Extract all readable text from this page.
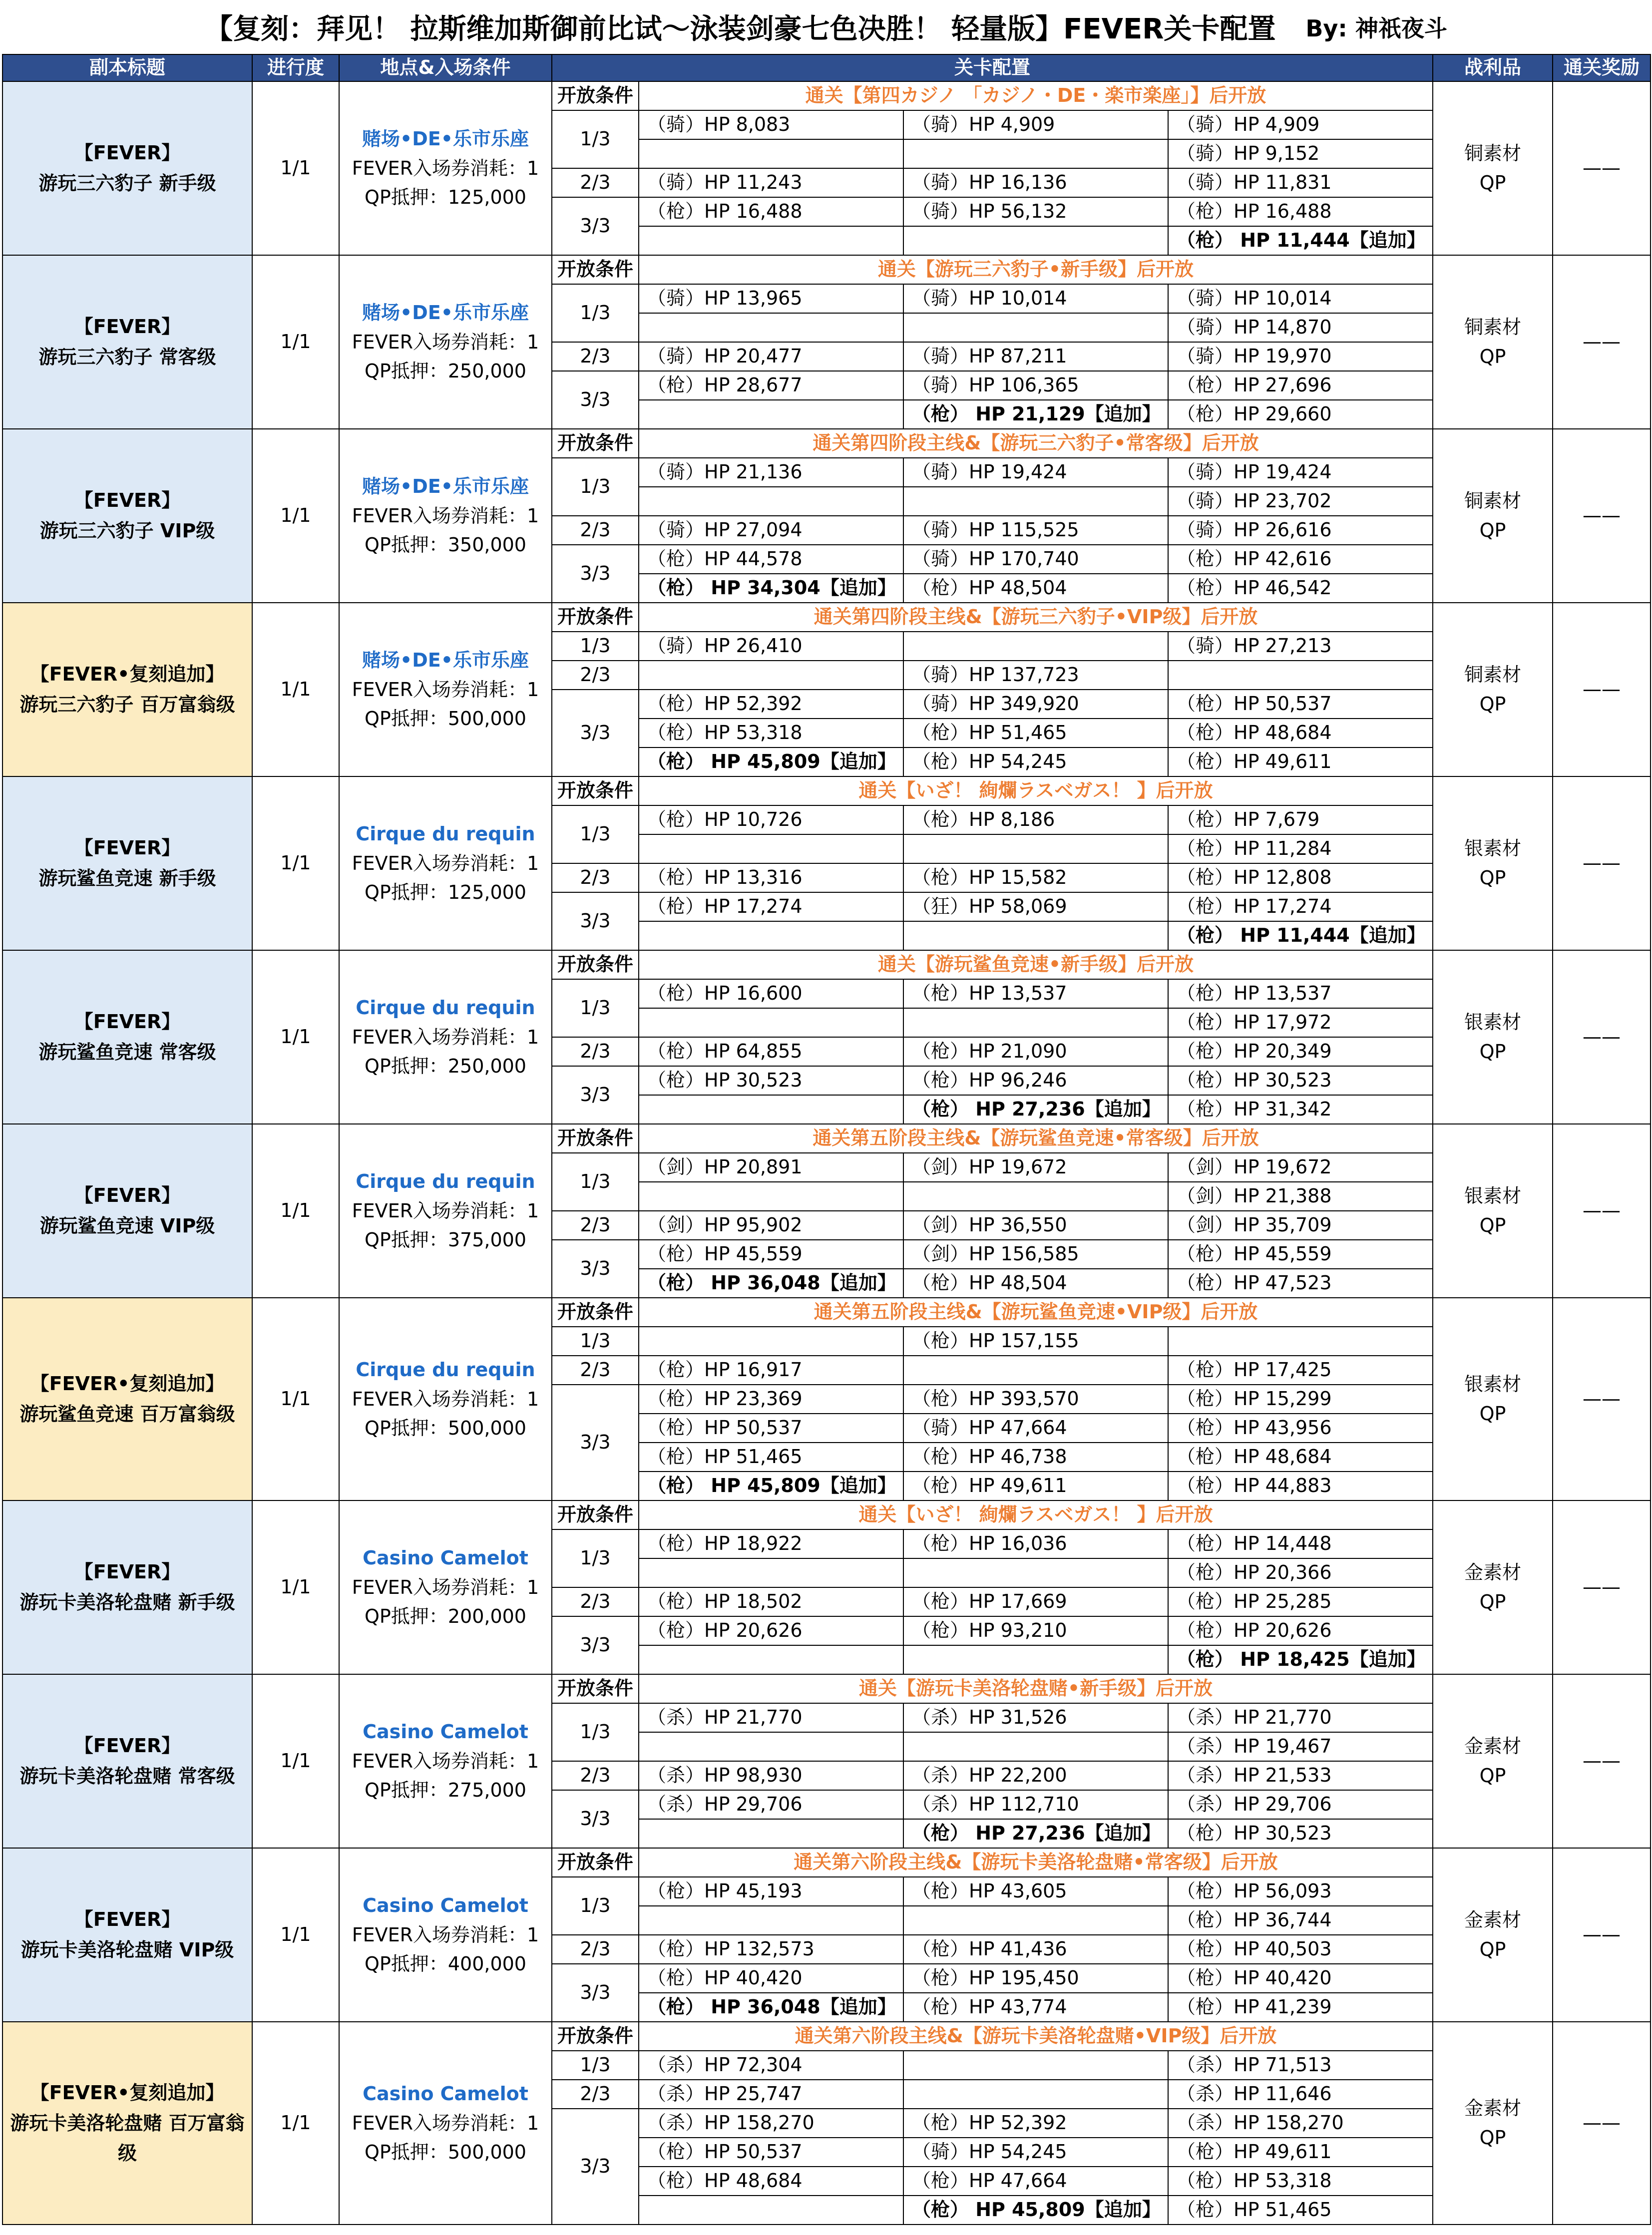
【复刻：拜见！ 拉斯维加斯御前比试～泳装剑豪七色决胜！ 轻量版】FEVER关卡配置 By: 神祇夜斗
副本标题	进行度	地点&入场条件	关卡配置				战利品	通关奖励
【FEVER】
游玩三六豹子 新手级	1/1	赌场•DE•乐市乐座
FEVER入场券消耗：1
QP抵押：125,000	开放条件	通关【第四カジノ 「カジノ・DE・楽市楽座」】后开放			铜素材
QP	——
			1/3	（骑）HP 8,083	（骑）HP 4,909	（骑）HP 4,909		
						（骑）HP 9,152		
			2/3	（骑）HP 11,243	（骑）HP 16,136	（骑）HP 11,831		
			3/3	（枪）HP 16,488	（骑）HP 56,132	（枪）HP 16,488		
						（枪） HP 11,444【追加】		
【FEVER】
游玩三六豹子 常客级	1/1	赌场•DE•乐市乐座
FEVER入场券消耗：1
QP抵押：250,000	开放条件	通关【游玩三六豹子•新手级】后开放			铜素材
QP	——
			1/3	（骑）HP 13,965	（骑）HP 10,014	（骑）HP 10,014		
						（骑）HP 14,870		
			2/3	（骑）HP 20,477	（骑）HP 87,211	（骑）HP 19,970		
			3/3	（枪）HP 28,677	（骑）HP 106,365	（枪）HP 27,696		
					（枪） HP 21,129【追加】	（枪）HP 29,660		
【FEVER】
游玩三六豹子 VIP级	1/1	赌场•DE•乐市乐座
FEVER入场券消耗：1
QP抵押：350,000	开放条件	通关第四阶段主线&【游玩三六豹子•常客级】后开放			铜素材
QP	——
			1/3	（骑）HP 21,136	（骑）HP 19,424	（骑）HP 19,424		
						（骑）HP 23,702		
			2/3	（骑）HP 27,094	（骑）HP 115,525	（骑）HP 26,616		
			3/3	（枪）HP 44,578	（骑）HP 170,740	（枪）HP 42,616		
				（枪） HP 34,304【追加】	（枪）HP 48,504	（枪）HP 46,542		
【FEVER•复刻追加】
游玩三六豹子 百万富翁级	1/1	赌场•DE•乐市乐座
FEVER入场券消耗：1
QP抵押：500,000	开放条件	通关第四阶段主线&【游玩三六豹子•VIP级】后开放			铜素材
QP	——
			1/3	（骑）HP 26,410		（骑）HP 27,213		
			2/3		（骑）HP 137,723			
			3/3	（枪）HP 52,392	（骑）HP 349,920	（枪）HP 50,537		
				（枪）HP 53,318	（枪）HP 51,465	（枪）HP 48,684		
				（枪） HP 45,809【追加】	（枪）HP 54,245	（枪）HP 49,611		
【FEVER】
游玩鲨鱼竞速 新手级	1/1	Cirque du requin
FEVER入场券消耗：1
QP抵押：125,000	开放条件	通关【いざ！ 絢爛ラスベガス！ 】后开放			银素材
QP	——
			1/3	（枪）HP 10,726	（枪）HP 8,186	（枪）HP 7,679		
						（枪）HP 11,284		
			2/3	（枪）HP 13,316	（枪）HP 15,582	（枪）HP 12,808		
			3/3	（枪）HP 17,274	（狂）HP 58,069	（枪）HP 17,274		
						（枪） HP 11,444【追加】		
【FEVER】
游玩鲨鱼竞速 常客级	1/1	Cirque du requin
FEVER入场券消耗：1
QP抵押：250,000	开放条件	通关【游玩鲨鱼竞速•新手级】后开放			银素材
QP	——
			1/3	（枪）HP 16,600	（枪）HP 13,537	（枪）HP 13,537		
						（枪）HP 17,972		
			2/3	（枪）HP 64,855	（枪）HP 21,090	（枪）HP 20,349		
			3/3	（枪）HP 30,523	（枪）HP 96,246	（枪）HP 30,523		
					（枪） HP 27,236【追加】	（枪）HP 31,342		
【FEVER】
游玩鲨鱼竞速 VIP级	1/1	Cirque du requin
FEVER入场券消耗：1
QP抵押：375,000	开放条件	通关第五阶段主线&【游玩鲨鱼竞速•常客级】后开放			银素材
QP	——
			1/3	（剑）HP 20,891	（剑）HP 19,672	（剑）HP 19,672		
						（剑）HP 21,388		
			2/3	（剑）HP 95,902	（剑）HP 36,550	（剑）HP 35,709		
			3/3	（枪）HP 45,559	（剑）HP 156,585	（枪）HP 45,559		
				（枪） HP 36,048【追加】	（枪）HP 48,504	（枪）HP 47,523		
【FEVER•复刻追加】
游玩鲨鱼竞速 百万富翁级	1/1	Cirque du requin
FEVER入场券消耗：1
QP抵押：500,000	开放条件	通关第五阶段主线&【游玩鲨鱼竞速•VIP级】后开放			银素材
QP	——
			1/3		（枪）HP 157,155			
			2/3	（枪）HP 16,917		（枪）HP 17,425		
			3/3	（枪）HP 23,369	（枪）HP 393,570	（枪）HP 15,299		
				（枪）HP 50,537	（骑）HP 47,664	（枪）HP 43,956		
				（枪）HP 51,465	（枪）HP 46,738	（枪）HP 48,684		
				（枪） HP 45,809【追加】	（枪）HP 49,611	（枪）HP 44,883		
【FEVER】
游玩卡美洛轮盘赌 新手级	1/1	Casino Camelot
FEVER入场券消耗：1
QP抵押：200,000	开放条件	通关【いざ！ 絢爛ラスベガス！ 】后开放			金素材
QP	——
			1/3	（枪）HP 18,922	（枪）HP 16,036	（枪）HP 14,448		
						（枪）HP 20,366		
			2/3	（枪）HP 18,502	（枪）HP 17,669	（枪）HP 25,285		
			3/3	（枪）HP 20,626	（枪）HP 93,210	（枪）HP 20,626		
						（枪） HP 18,425【追加】		
【FEVER】
游玩卡美洛轮盘赌 常客级	1/1	Casino Camelot
FEVER入场券消耗：1
QP抵押：275,000	开放条件	通关【游玩卡美洛轮盘赌•新手级】后开放			金素材
QP	——
			1/3	（杀）HP 21,770	（杀）HP 31,526	（杀）HP 21,770		
						（杀）HP 19,467		
			2/3	（杀）HP 98,930	（杀）HP 22,200	（杀）HP 21,533		
			3/3	（杀）HP 29,706	（杀）HP 112,710	（杀）HP 29,706		
					（枪） HP 27,236【追加】	（枪）HP 30,523		
【FEVER】
游玩卡美洛轮盘赌 VIP级	1/1	Casino Camelot
FEVER入场券消耗：1
QP抵押：400,000	开放条件	通关第六阶段主线&【游玩卡美洛轮盘赌•常客级】后开放			金素材
QP	——
			1/3	（枪）HP 45,193	（枪）HP 43,605	（枪）HP 56,093		
						（枪）HP 36,744		
			2/3	（枪）HP 132,573	（枪）HP 41,436	（枪）HP 40,503		
			3/3	（枪）HP 40,420	（枪）HP 195,450	（枪）HP 40,420		
				（枪） HP 36,048【追加】	（枪）HP 43,774	（枪）HP 41,239		
【FEVER•复刻追加】
游玩卡美洛轮盘赌 百万富翁级	1/1	Casino Camelot
FEVER入场券消耗：1
QP抵押：500,000	开放条件	通关第六阶段主线&【游玩卡美洛轮盘赌•VIP级】后开放			金素材
QP	——
			1/3	（杀）HP 72,304		（杀）HP 71,513		
			2/3	（杀）HP 25,747		（杀）HP 11,646		
			3/3	（杀）HP 158,270	（枪）HP 52,392	（杀）HP 158,270		
				（枪）HP 50,537	（骑）HP 54,245	（枪）HP 49,611		
				（枪）HP 48,684	（枪）HP 47,664	（枪）HP 53,318		
					（枪） HP 45,809【追加】	（枪）HP 51,465		
